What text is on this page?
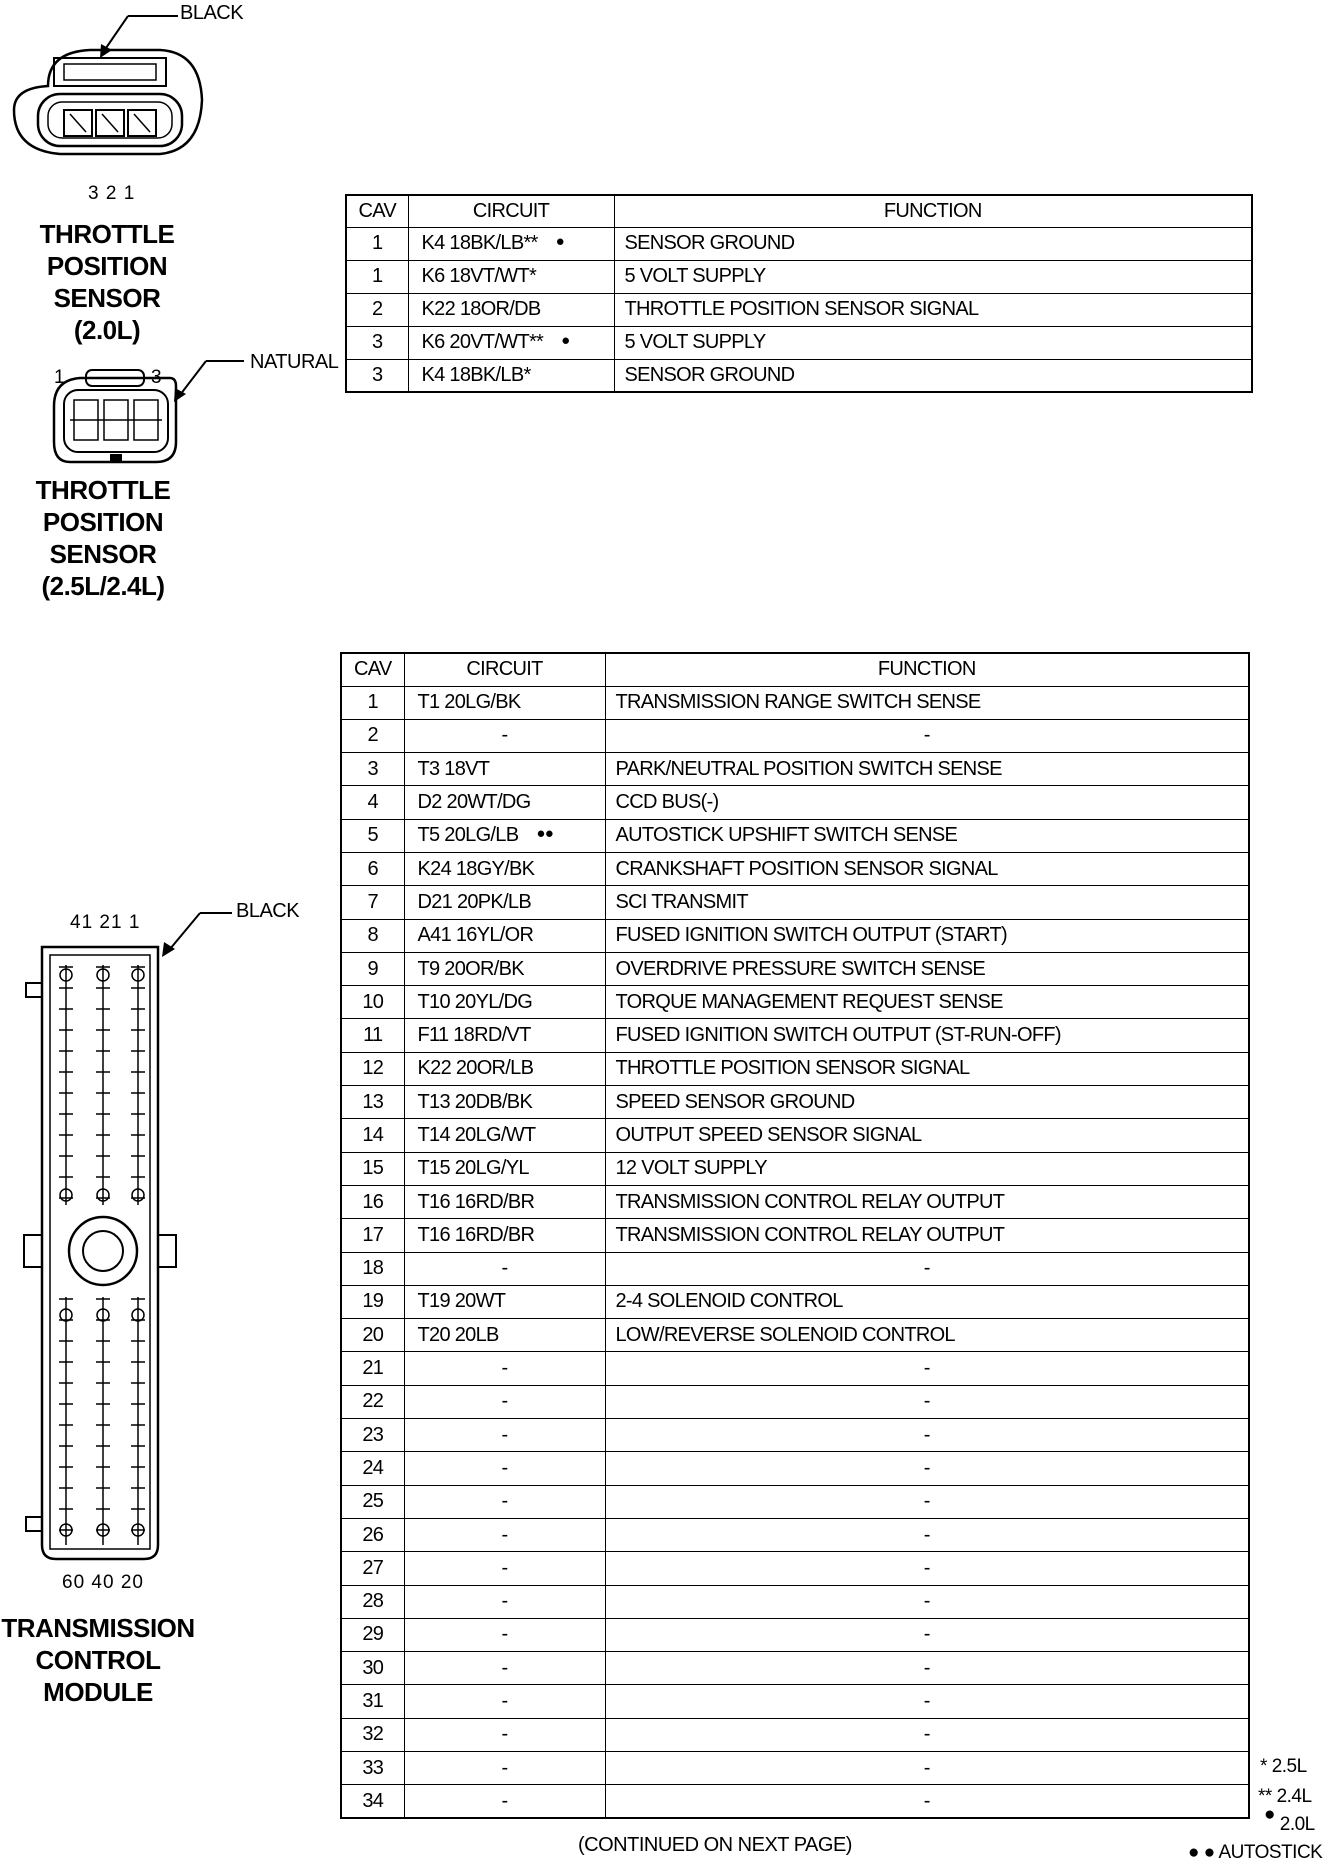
BLACK
3 2 1
THROTTLE
POSITION
SENSOR
(2.0L)
CAV	CIRCUIT	FUNCTION
1	K4 18BK/LB** ●	SENSOR GROUND
1	K6 18VT/WT*	5 VOLT SUPPLY
2	K22 18OR/DB	THROTTLE POSITION SENSOR SIGNAL
3	K6 20VT/WT** ●	5 VOLT SUPPLY
3	K4 18BK/LB*	SENSOR GROUND
NATURAL
1	3
THROTTLE
POSITION
SENSOR
(2.5L/2.4L)
41 21 1
BLACK
60 40 20
TRANSMISSION
CONTROL
MODULE
CAV	CIRCUIT	FUNCTION
1	T1 20LG/BK	TRANSMISSION RANGE SWITCH SENSE
2	-	-
3	T3 18VT	PARK/NEUTRAL POSITION SWITCH SENSE
4	D2 20WT/DG	CCD BUS(-)
5	T5 20LG/LB ●●	AUTOSTICK UPSHIFT SWITCH SENSE
6	K24 18GY/BK	CRANKSHAFT POSITION SENSOR SIGNAL
7	D21 20PK/LB	SCI TRANSMIT
8	A41 16YL/OR	FUSED IGNITION SWITCH OUTPUT (START)
9	T9 20OR/BK	OVERDRIVE PRESSURE SWITCH SENSE
10	T10 20YL/DG	TORQUE MANAGEMENT REQUEST SENSE
11	F11 18RD/VT	FUSED IGNITION SWITCH OUTPUT (ST-RUN-OFF)
12	K22 20OR/LB	THROTTLE POSITION SENSOR SIGNAL
13	T13 20DB/BK	SPEED SENSOR GROUND
14	T14 20LG/WT	OUTPUT SPEED SENSOR SIGNAL
15	T15 20LG/YL	12 VOLT SUPPLY
16	T16 16RD/BR	TRANSMISSION CONTROL RELAY OUTPUT
17	T16 16RD/BR	TRANSMISSION CONTROL RELAY OUTPUT
18	-	-
19	T19 20WT	2-4 SOLENOID CONTROL
20	T20 20LB	LOW/REVERSE SOLENOID CONTROL
21	-	-
22	-	-
23	-	-
24	-	-
25	-	-
26	-	-
27	-	-
28	-	-
29	-	-
30	-	-
31	-	-
32	-	-
33	-	-
34	-	-
* 2.5L
** 2.4L
● 2.0L
● ● AUTOSTICK
(CONTINUED ON NEXT PAGE)
